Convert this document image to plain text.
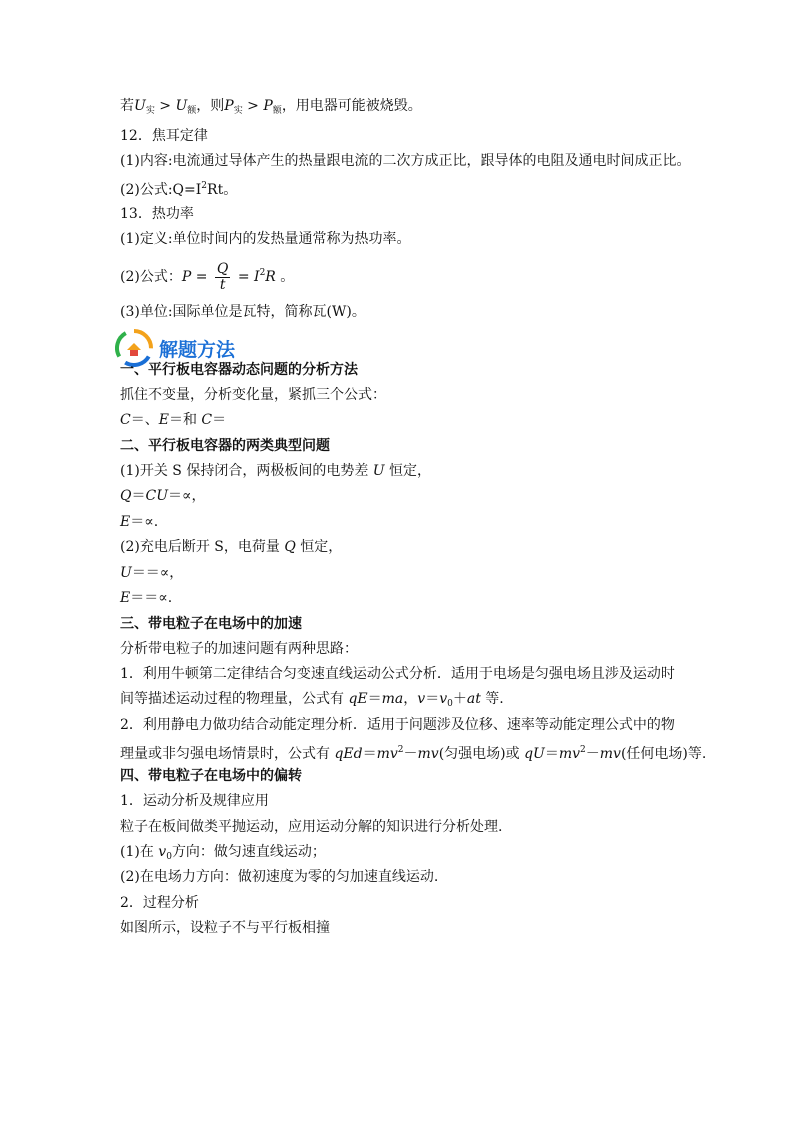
若$U_实 > U_额$，则$P_实 > P_额$，用电器可能被烧毁。
12．焦耳定律
(1)内容:电流通过导体产生的热量跟电流的二次方成正比，跟导体的电阻及通电时间成正比。
(2)公式$:Q=I^2Rt$。
13．热功率
(1)定义:单位时间内的发热量通常称为热功率。
(2)公式：$P = \frac{Q}{t} = I^2R$ 。
(3)单位:国际单位是瓦特，简称瓦(W)。
解题方法
一、平行板电容器动态问题的分析方法
抓住不变量，分析变化量，紧抓三个公式：
C＝、E＝和 C＝
二、平行板电容器的两类典型问题
(1)开关 S 保持闭合，两极板间的电势差 U 恒定，
Q＝CU＝∝，
E＝∝.
(2)充电后断开 S，电荷量 Q 恒定，
U＝＝∝，
E＝＝∝.
三、带电粒子在电场中的加速
分析带电粒子的加速问题有两种思路：
1．利用牛顿第二定律结合匀变速直线运动公式分析．适用于电场是匀强电场且涉及运动时
间等描述运动过程的物理量，公式有 qE＝ma，$v=v_0+at$ 等.
2．利用静电力做功结合动能定理分析．适用于问题涉及位移、速率等动能定理公式中的物
理量或非匀强电场情景时，公式有 $qEd=mv^2-mv$(匀强电场)或 $qU=mv^2-mv$(任何电场)等.
四、带电粒子在电场中的偏转
1．运动分析及规律应用
粒子在板间做类平抛运动，应用运动分解的知识进行分析处理.
(1)在 $v_0$方向：做匀速直线运动；
(2)在电场力方向：做初速度为零的匀加速直线运动.
2．过程分析
如图所示，设粒子不与平行板相撞
